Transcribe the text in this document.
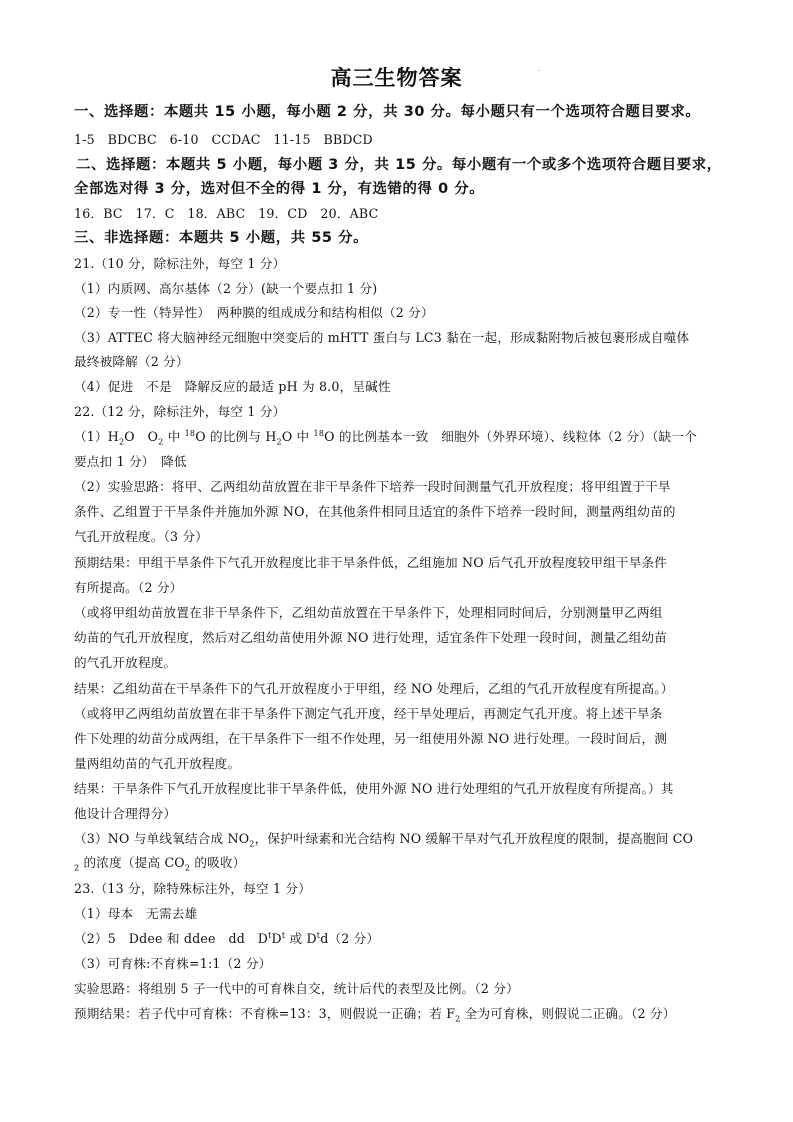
高三生物答案	.
一、选择题：本题共 15 小题，每小题 2 分，共 30 分。每小题只有一个选项符合题目要求。
1-5　BDCBC　6-10　CCDAC　11-15　BBDCD
二、选择题：本题共 5 小题，每小题 3 分，共 15 分。每小题有一个或多个选项符合题目要求，
全部选对得 3 分，选对但不全的得 1 分，有选错的得 0 分。
16．BC　17．C　18．ABC　19．CD　20．ABC
三、非选择题：本题共 5 小题，共 55 分。
21.（10 分，除标注外，每空 1 分）
（1）内质网、高尔基体（2 分）(缺一个要点扣 1 分)
（2）专一性（特异性）　两种膜的组成成分和结构相似（2 分）
（3）ATTEC 将大脑神经元细胞中突变后的 mHTT 蛋白与 LC3 黏在一起，形成黏附物后被包裹形成自噬体
最终被降解（2 分）
（4）促进　不是　降解反应的最适 pH 为 8.0，呈碱性
22.（12 分，除标注外，每空 1 分）
$(1)H_2O$　$O_2$ 中 $^{18}$O 的比例与 $H_2O$ 中 $^{18}$O 的比例基本一致　细胞外（外界环境）、线粒体（2 分）（缺一个
要点扣 1 分）　降低
（2）实验思路：将甲、乙两组幼苗放置在非干旱条件下培养一段时间测量气孔开放程度；将甲组置于干旱
条件、乙组置于干旱条件并施加外源 NO，在其他条件相同且适宜的条件下培养一段时间，测量两组幼苗的
气孔开放程度。（3 分）
预期结果：甲组干旱条件下气孔开放程度比非干旱条件低，乙组施加 NO 后气孔开放程度较甲组干旱条件
有所提高。（2 分）
（或将甲组幼苗放置在非干旱条件下，乙组幼苗放置在干旱条件下，处理相同时间后，分别测量甲乙两组
幼苗的气孔开放程度，然后对乙组幼苗使用外源 NO 进行处理，适宜条件下处理一段时间，测量乙组幼苗
的气孔开放程度。
结果：乙组幼苗在干旱条件下的气孔开放程度小于甲组，经 NO 处理后，乙组的气孔开放程度有所提高。）
（或将甲乙两组幼苗放置在非干旱条件下测定气孔开度，经干旱处理后，再测定气孔开度。将上述干旱条
件下处理的幼苗分成两组，在干旱条件下一组不作处理，另一组使用外源 NO 进行处理。一段时间后，测
量两组幼苗的气孔开放程度。
结果：干旱条件下气孔开放程度比非干旱条件低，使用外源 NO 进行处理组的气孔开放程度有所提高。）其
他设计合理得分）
（3）NO 与单线氧结合成 $NO_2$，保护叶绿素和光合结构 NO 缓解干旱对气孔开放程度的限制，提高胞间 CO
$_2$ 的浓度（提高 $CO_2$ 的吸收）
23.（13 分，除特殊标注外，每空 1 分）
（1）母本　无需去雄
（2）5　Ddee 和 ddee　dd　$D^tD^t$ 或 $D^td(2$ 分）
（3）可育株:不育株=1:1（2 分）
实验思路：将组别 5 子一代中的可育株自交，统计后代的表型及比例。（2 分）
预期结果：若子代中可育株：不育株=13：3，则假说一正确；若 $F_2$ 全为可育株，则假说二正确。（2 分）
